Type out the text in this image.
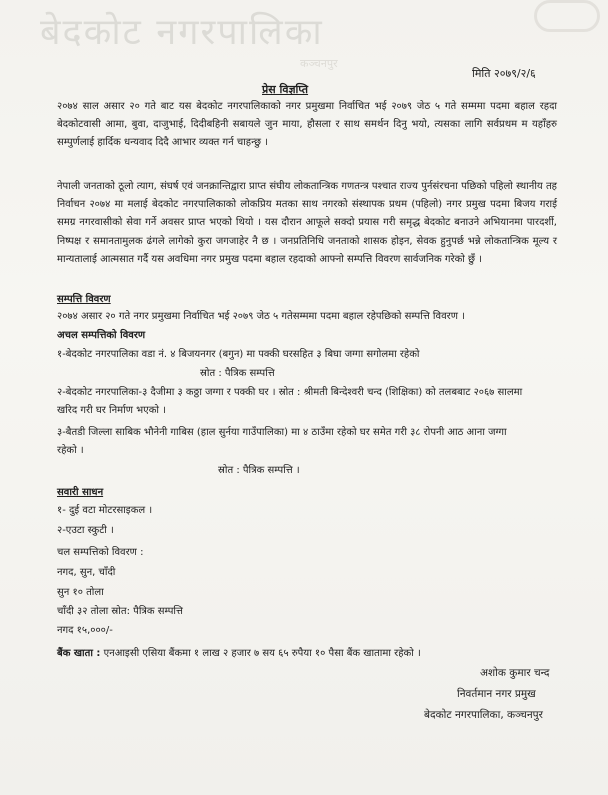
बेदकोट नगरपालिका
कञ्चनपुर
मिति २०७९/२/६
प्रेस विज्ञप्ति
२०७४ साल असार २० गते बाट यस बेदकोट नगरपालिकाको नगर प्रमुखमा निर्वाचित भई २०७९ जेठ ५ गते सम्ममा पदमा बहाल रहदा बेदकोटवासी आमा, बुवा, दाजुभाई, दिदीबहिनी सबायले जुन माया, हौसला र साथ समर्थन दिनु भयो, त्यसका लागि सर्वप्रथम म यहाँहरु सम्पुर्णलाई हार्दिक धन्यवाद दिदै आभार व्यक्त गर्न चाहन्छु ।
नेपाली जनताको ठूलो त्याग, संघर्ष एवं जनक्रान्तिद्वारा प्राप्त संघीय लोकतान्त्रिक गणतन्त्र पश्चात राज्य पुर्नसंरचना पछिको पहिलो स्थानीय तह निर्वाचन २०७४ मा मलाई बेदकोट नगरपालिकाको लोकप्रिय मतका साथ नगरको संस्थापक प्रथम (पहिलो) नगर प्रमुख पदमा बिजय गराई समग्र नगरवासीको सेवा गर्ने अवसर प्राप्त भएको थियो । यस दौरान आफूले सक्दो प्रयास गरी समृद्ध बेदकोट बनाउने अभियानमा पारदर्शी, निष्पक्ष र समानतामुलक ढंगले लागेको कुरा जगजाहेर नै छ । जनप्रतिनिधि जनताको शासक होइन, सेवक हुनुपर्छ भन्ने लोकतान्त्रिक मूल्य र मान्यतालाई आत्मसात गर्दै यस अवधिमा नगर प्रमुख पदमा बहाल रहदाको आफ्नो सम्पत्ति विवरण सार्वजनिक गरेको छुँ ।
सम्पत्ति विवरण
२०७४ असार २० गते नगर प्रमुखमा निर्वाचित भई २०७९ जेठ ५ गतेसम्ममा पदमा बहाल रहेपछिको सम्पत्ति विवरण ।
अचल सम्पत्तिको विवरण
१-बेदकोट नगरपालिका वडा नं. ४ बिजयनगर (बगुन) मा पक्की घरसहित ३ बिघा जग्गा सगोलमा रहेको
स्रोत : पैत्रिक सम्पत्ति
२-बेदकोट नगरपालिका-३ दैजीमा ३ कठ्ठा जग्गा र पक्की घर । स्रोत : श्रीमती बिन्देश्वरी चन्द (शिक्षिका) को तलबबाट २०६७ सालमा
खरिद गरी घर निर्माण भएको ।
३-बैतडी जिल्ला साबिक भौनेनी गाबिस (हाल सुर्नया गाउँपालिका) मा ४ ठाउँमा रहेको घर समेत गरी ३८ रोपनी आठ आना जग्गा
रहेको ।
स्रोत : पैत्रिक सम्पत्ति ।
सवारी साधन
१- दुई वटा मोटरसाइकल ।
२-एउटा स्कुटी ।
चल सम्पत्तिको विवरण :
नगद, सुन, चाँदी
सुन १० तोला
चाँदी ३२ तोला स्रोत: पैत्रिक सम्पत्ति
नगद १५,०००/-
बैंक खाता : एनआइसी एसिया बैंकमा १ लाख २ हजार ७ सय ६५ रुपैया १० पैसा बैंक खातामा रहेको ।
अशोक कुमार चन्द
निवर्तमान नगर प्रमुख
बेदकोट नगरपालिका, कञ्चनपुर
